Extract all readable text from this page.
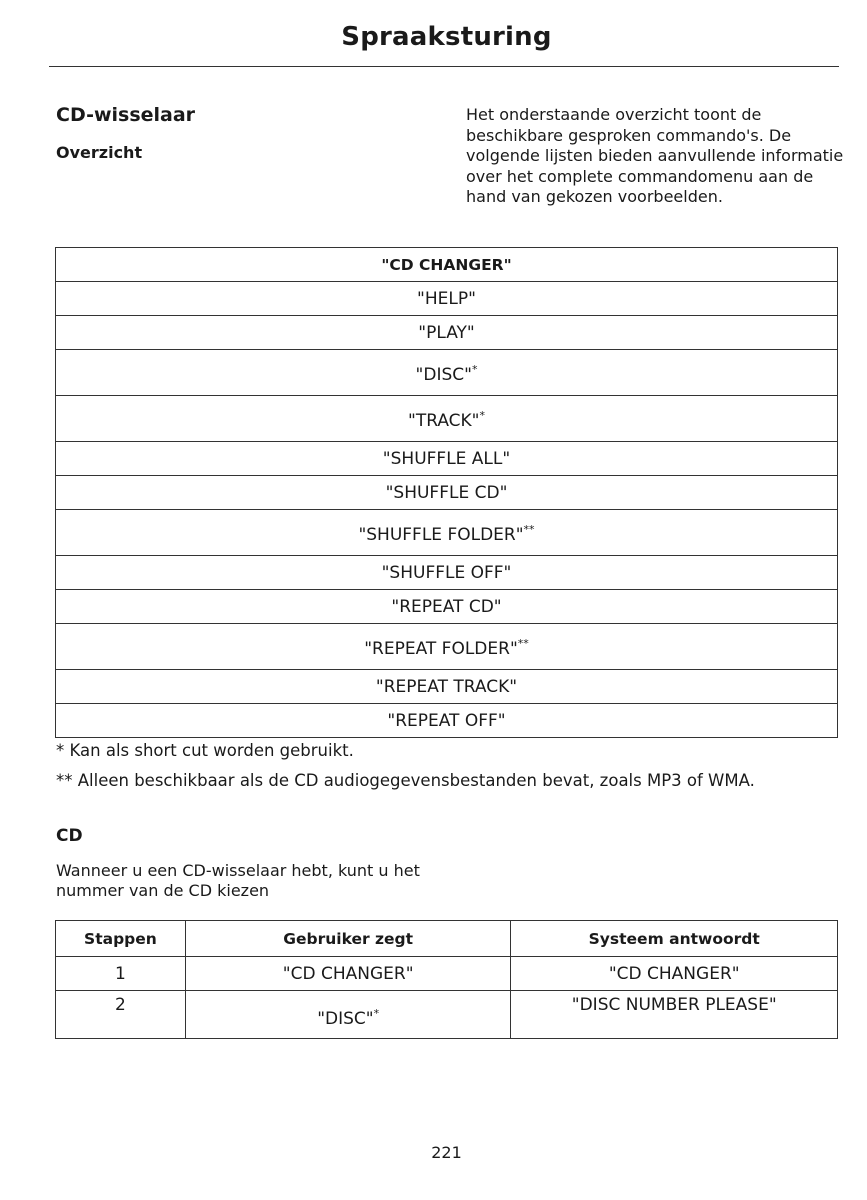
Spraaksturing
CD-wisselaar
Overzicht
Het onderstaande overzicht toont de beschikbare gesproken commando's. De volgende lijsten bieden aanvullende informatie over het complete commandomenu aan de hand van gekozen voorbeelden.
"CD CHANGER"
"HELP"
"PLAY"
"DISC"*
"TRACK"*
"SHUFFLE ALL"
"SHUFFLE CD"
"SHUFFLE FOLDER"**
"SHUFFLE OFF"
"REPEAT CD"
"REPEAT FOLDER"**
"REPEAT TRACK"
"REPEAT OFF"
* Kan als short cut worden gebruikt.
** Alleen beschikbaar als de CD audiogegevensbestanden bevat, zoals MP3 of WMA.
CD
Wanneer u een CD-wisselaar hebt, kunt u het nummer van de CD kiezen
Stappen	Gebruiker zegt	Systeem antwoordt
1	"CD CHANGER"	"CD CHANGER"
2	"DISC"*	"DISC NUMBER PLEASE"
221
